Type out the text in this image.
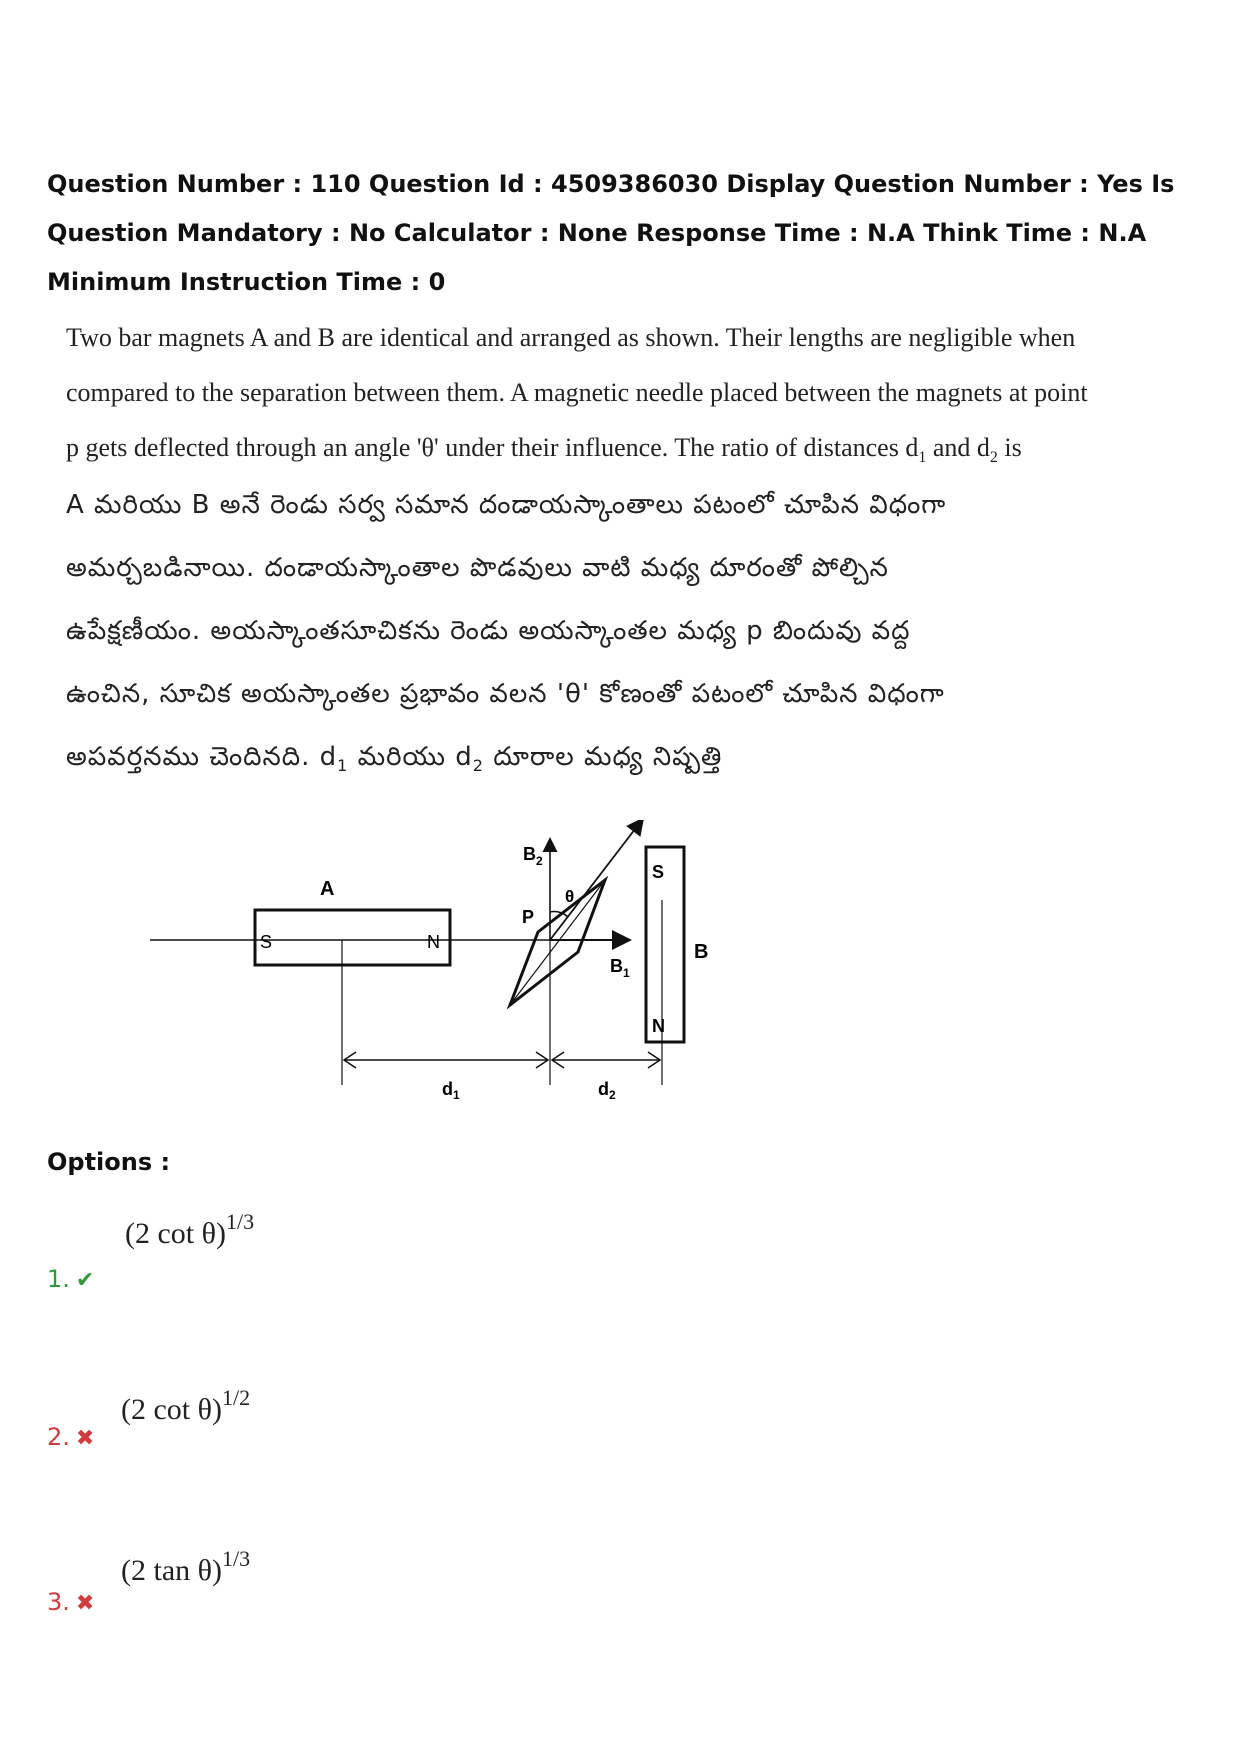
Question Number : 110 Question Id : 4509386030 Display Question Number : Yes Is Question Mandatory : No Calculator : None Response Time : N.A Think Time : N.A Minimum Instruction Time : 0
Two bar magnets A and B are identical and arranged as shown. Their lengths are negligible when
compared to the separation between them. A magnetic needle placed between the magnets at point
p gets deflected through an angle 'θ' under their influence. The ratio of distances $d_1$ and $d_2$ is
A మరియు B అనే రెండు సర్వ సమాన దండాయస్కాంతాలు పటంలో చూపిన విధంగా
అమర్చబడినాయి. దండాయస్కాంతాల పొడవులు వాటి మధ్య దూరంతో పోల్చిన
ఉపేక్షణీయం. అయస్కాంతసూచికను రెండు అయస్కాంతల మధ్య p బిందువు వద్ద
ఉంచిన, సూచిక అయస్కాంతల ప్రభావం వలన 'θ' కోణంతో పటంలో చూపిన విధంగా
అపవర్తనము చెందినది. $d_1$ మరియు $d_2$ దూరాల మధ్య నిష్పత్తి
S	N
A
$B_2$
θ
P
$B_1$
S
N
B
$d_1$	$d_2$
Options :
1. ✔
(2 cot θ)$^{1/3}$
2. ✖
(2 cot θ)$^{1/2}$
3. ✖
(2 tan θ)$^{1/3}$
